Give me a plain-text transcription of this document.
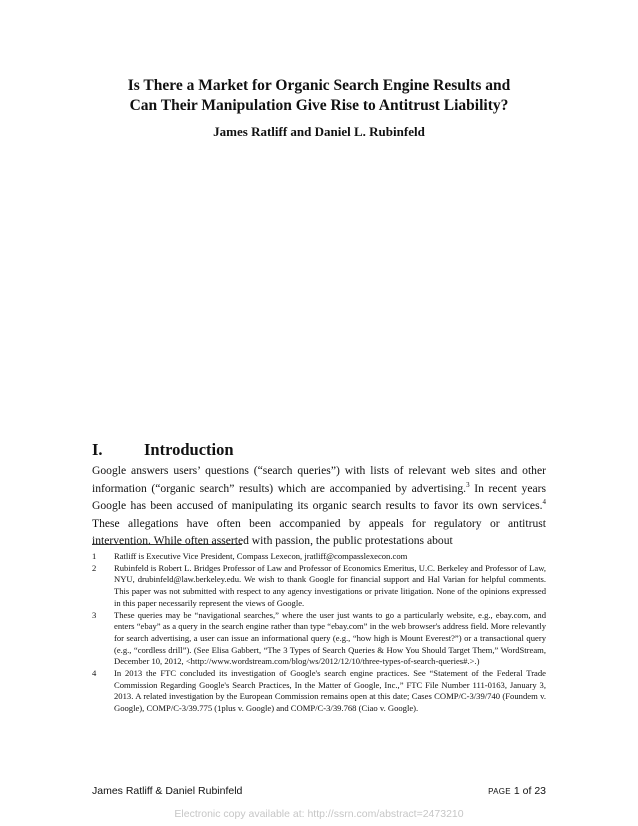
Is There a Market for Organic Search Engine Results and
Can Their Manipulation Give Rise to Antitrust Liability?
James Ratliff and Daniel L. Rubinfeld
I.	Introduction

Google answers users’ questions (“search queries”) with lists of relevant web sites and other information (“organic search” results) which are accompanied by advertising.$^3$ In recent years Google has been accused of manipulating its organic search results to favor its own services.$^4$ These allegations have often been accompanied by appeals for regulatory or antitrust intervention. While often asserted with passion, the public protestations about

1	Ratliff is Executive Vice President, Compass Lexecon, jratliff@compasslexecon.com
2	Rubinfeld is Robert L. Bridges Professor of Law and Professor of Economics Emeritus, U.C. Berkeley and Professor of Law, NYU, drubinfeld@law.berkeley.edu. We wish to thank Google for financial support and Hal Varian for helpful comments. This paper was not submitted with respect to any agency investigations or private litigation. None of the opinions expressed in this paper necessarily represent the views of Google.
3	These queries may be “navigational searches,” where the user just wants to go a particularly website, e.g., ebay.com, and enters “ebay” as a query in the search engine rather than type “ebay.com” in the web browser's address field. More relevantly for search advertising, a user can issue an informational query (e.g., “how high is Mount Everest?”) or a transactional query (e.g., “cordless drill”). (See Elisa Gabbert, “The 3 Types of Search Queries & How You Should Target Them,” WordStream, December 10, 2012, <http://www.wordstream.com/blog/ws/2012/12/10/three-types-of-search-queries#.>.)
4	In 2013 the FTC concluded its investigation of Google's search engine practices. See “Statement of the Federal Trade Commission Regarding Google's Search Practices, In the Matter of Google, Inc.,” FTC File Number 111-0163, January 3, 2013. A related investigation by the European Commission remains open at this date; Cases COMP/C-3/39/740 (Foundem v. Google), COMP/C-3/39.775 (1plus v. Google) and COMP/C-3/39.768 (Ciao v. Google).
James Ratliff & Daniel Rubinfeld	PAGE 1 of 23
Electronic copy available at: http://ssrn.com/abstract=2473210
